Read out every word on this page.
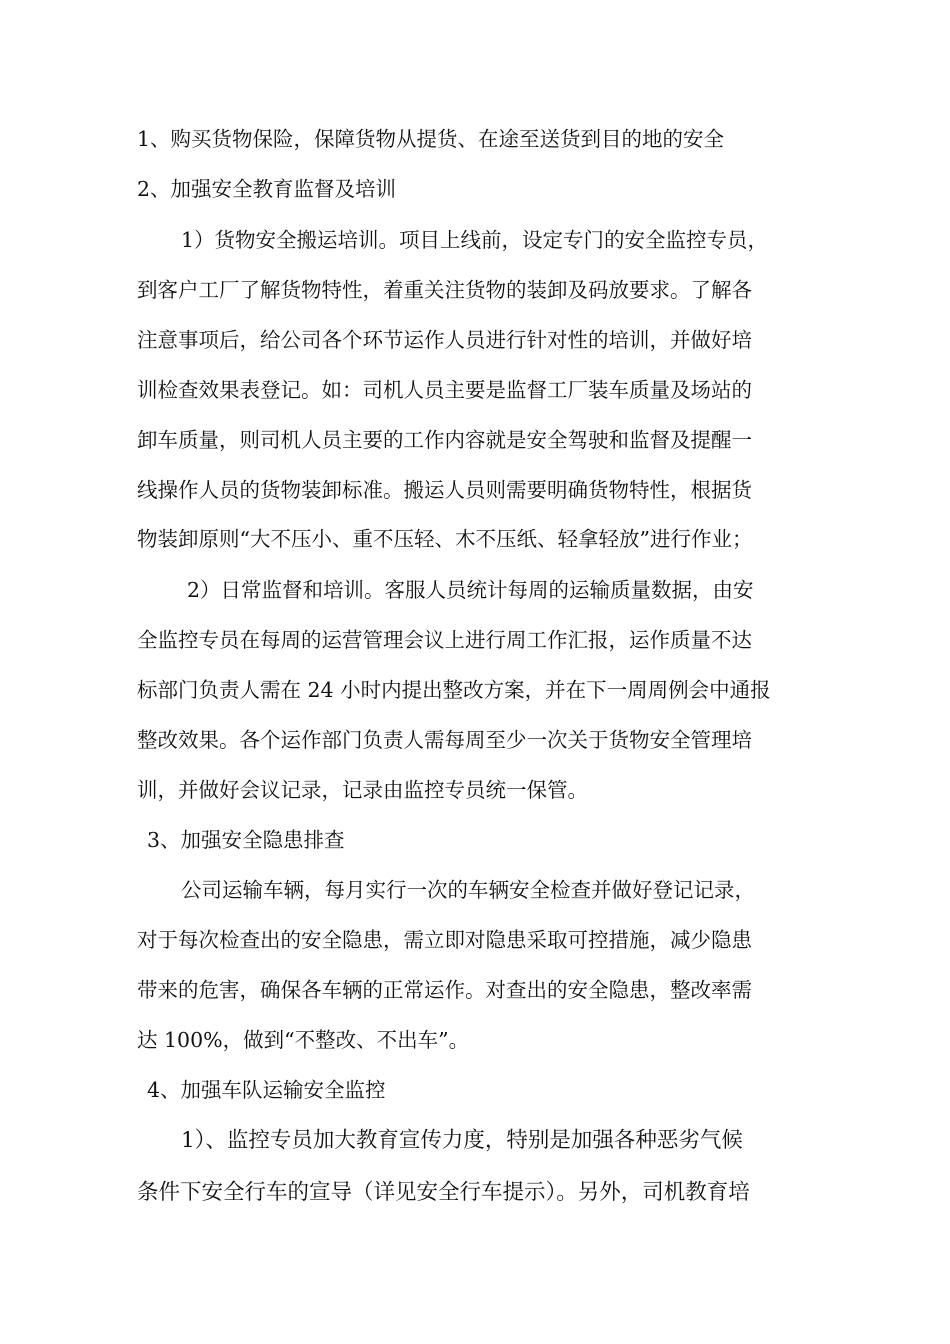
1、购买货物保险，保障货物从提货、在途至送货到目的地的安全
2、加强安全教育监督及培训
1）货物安全搬运培训。项目上线前，设定专门的安全监控专员，
到客户工厂了解货物特性，着重关注货物的装卸及码放要求。了解各
注意事项后，给公司各个环节运作人员进行针对性的培训，并做好培
训检查效果表登记。如：司机人员主要是监督工厂装车质量及场站的
卸车质量，则司机人员主要的工作内容就是安全驾驶和监督及提醒一
线操作人员的货物装卸标准。搬运人员则需要明确货物特性，根据货
物装卸原则“大不压小、重不压轻、木不压纸、轻拿轻放”进行作业；
2）日常监督和培训。客服人员统计每周的运输质量数据，由安
全监控专员在每周的运营管理会议上进行周工作汇报，运作质量不达
标部门负责人需在 24 小时内提出整改方案，并在下一周周例会中通报
整改效果。各个运作部门负责人需每周至少一次关于货物安全管理培
训，并做好会议记录，记录由监控专员统一保管。
3、加强安全隐患排查
公司运输车辆，每月实行一次的车辆安全检查并做好登记记录，
对于每次检查出的安全隐患，需立即对隐患采取可控措施，减少隐患
带来的危害，确保各车辆的正常运作。对查出的安全隐患，整改率需
达 100%，做到“不整改、不出车”。
4、加强车队运输安全监控
1）、监控专员加大教育宣传力度，特别是加强各种恶劣气候
条件下安全行车的宣导（详见安全行车提示）。另外，司机教育培
